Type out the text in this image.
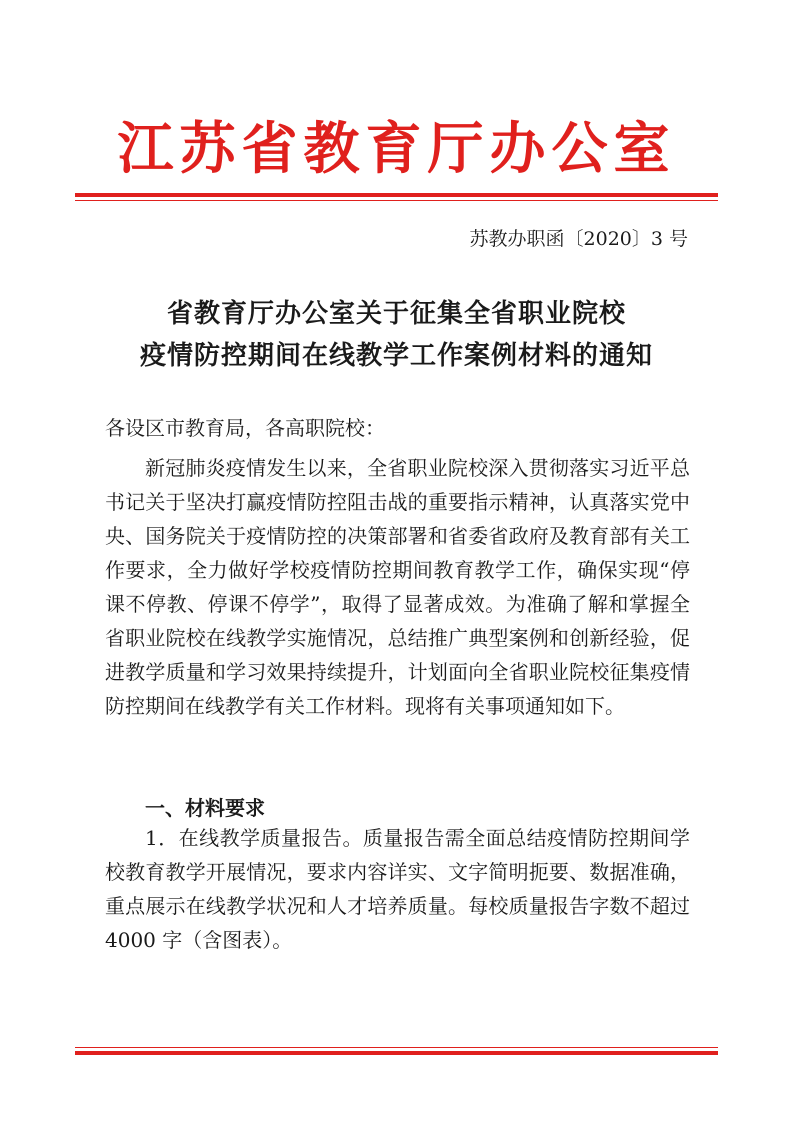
江苏省教育厅办公室
苏教办职函〔2020〕3 号
省教育厅办公室关于征集全省职业院校
疫情防控期间在线教学工作案例材料的通知
各设区市教育局，各高职院校：
新冠肺炎疫情发生以来，全省职业院校深入贯彻落实习近平总书记关于坚决打赢疫情防控阻击战的重要指示精神，认真落实党中央、国务院关于疫情防控的决策部署和省委省政府及教育部有关工作要求，全力做好学校疫情防控期间教育教学工作，确保实现“停课不停教、停课不停学”，取得了显著成效。为准确了解和掌握全省职业院校在线教学实施情况，总结推广典型案例和创新经验，促进教学质量和学习效果持续提升，计划面向全省职业院校征集疫情防控期间在线教学有关工作材料。现将有关事项通知如下。
一、材料要求
1．在线教学质量报告。质量报告需全面总结疫情防控期间学校教育教学开展情况，要求内容详实、文字简明扼要、数据准确，重点展示在线教学状况和人才培养质量。每校质量报告字数不超过 4000 字（含图表）。
